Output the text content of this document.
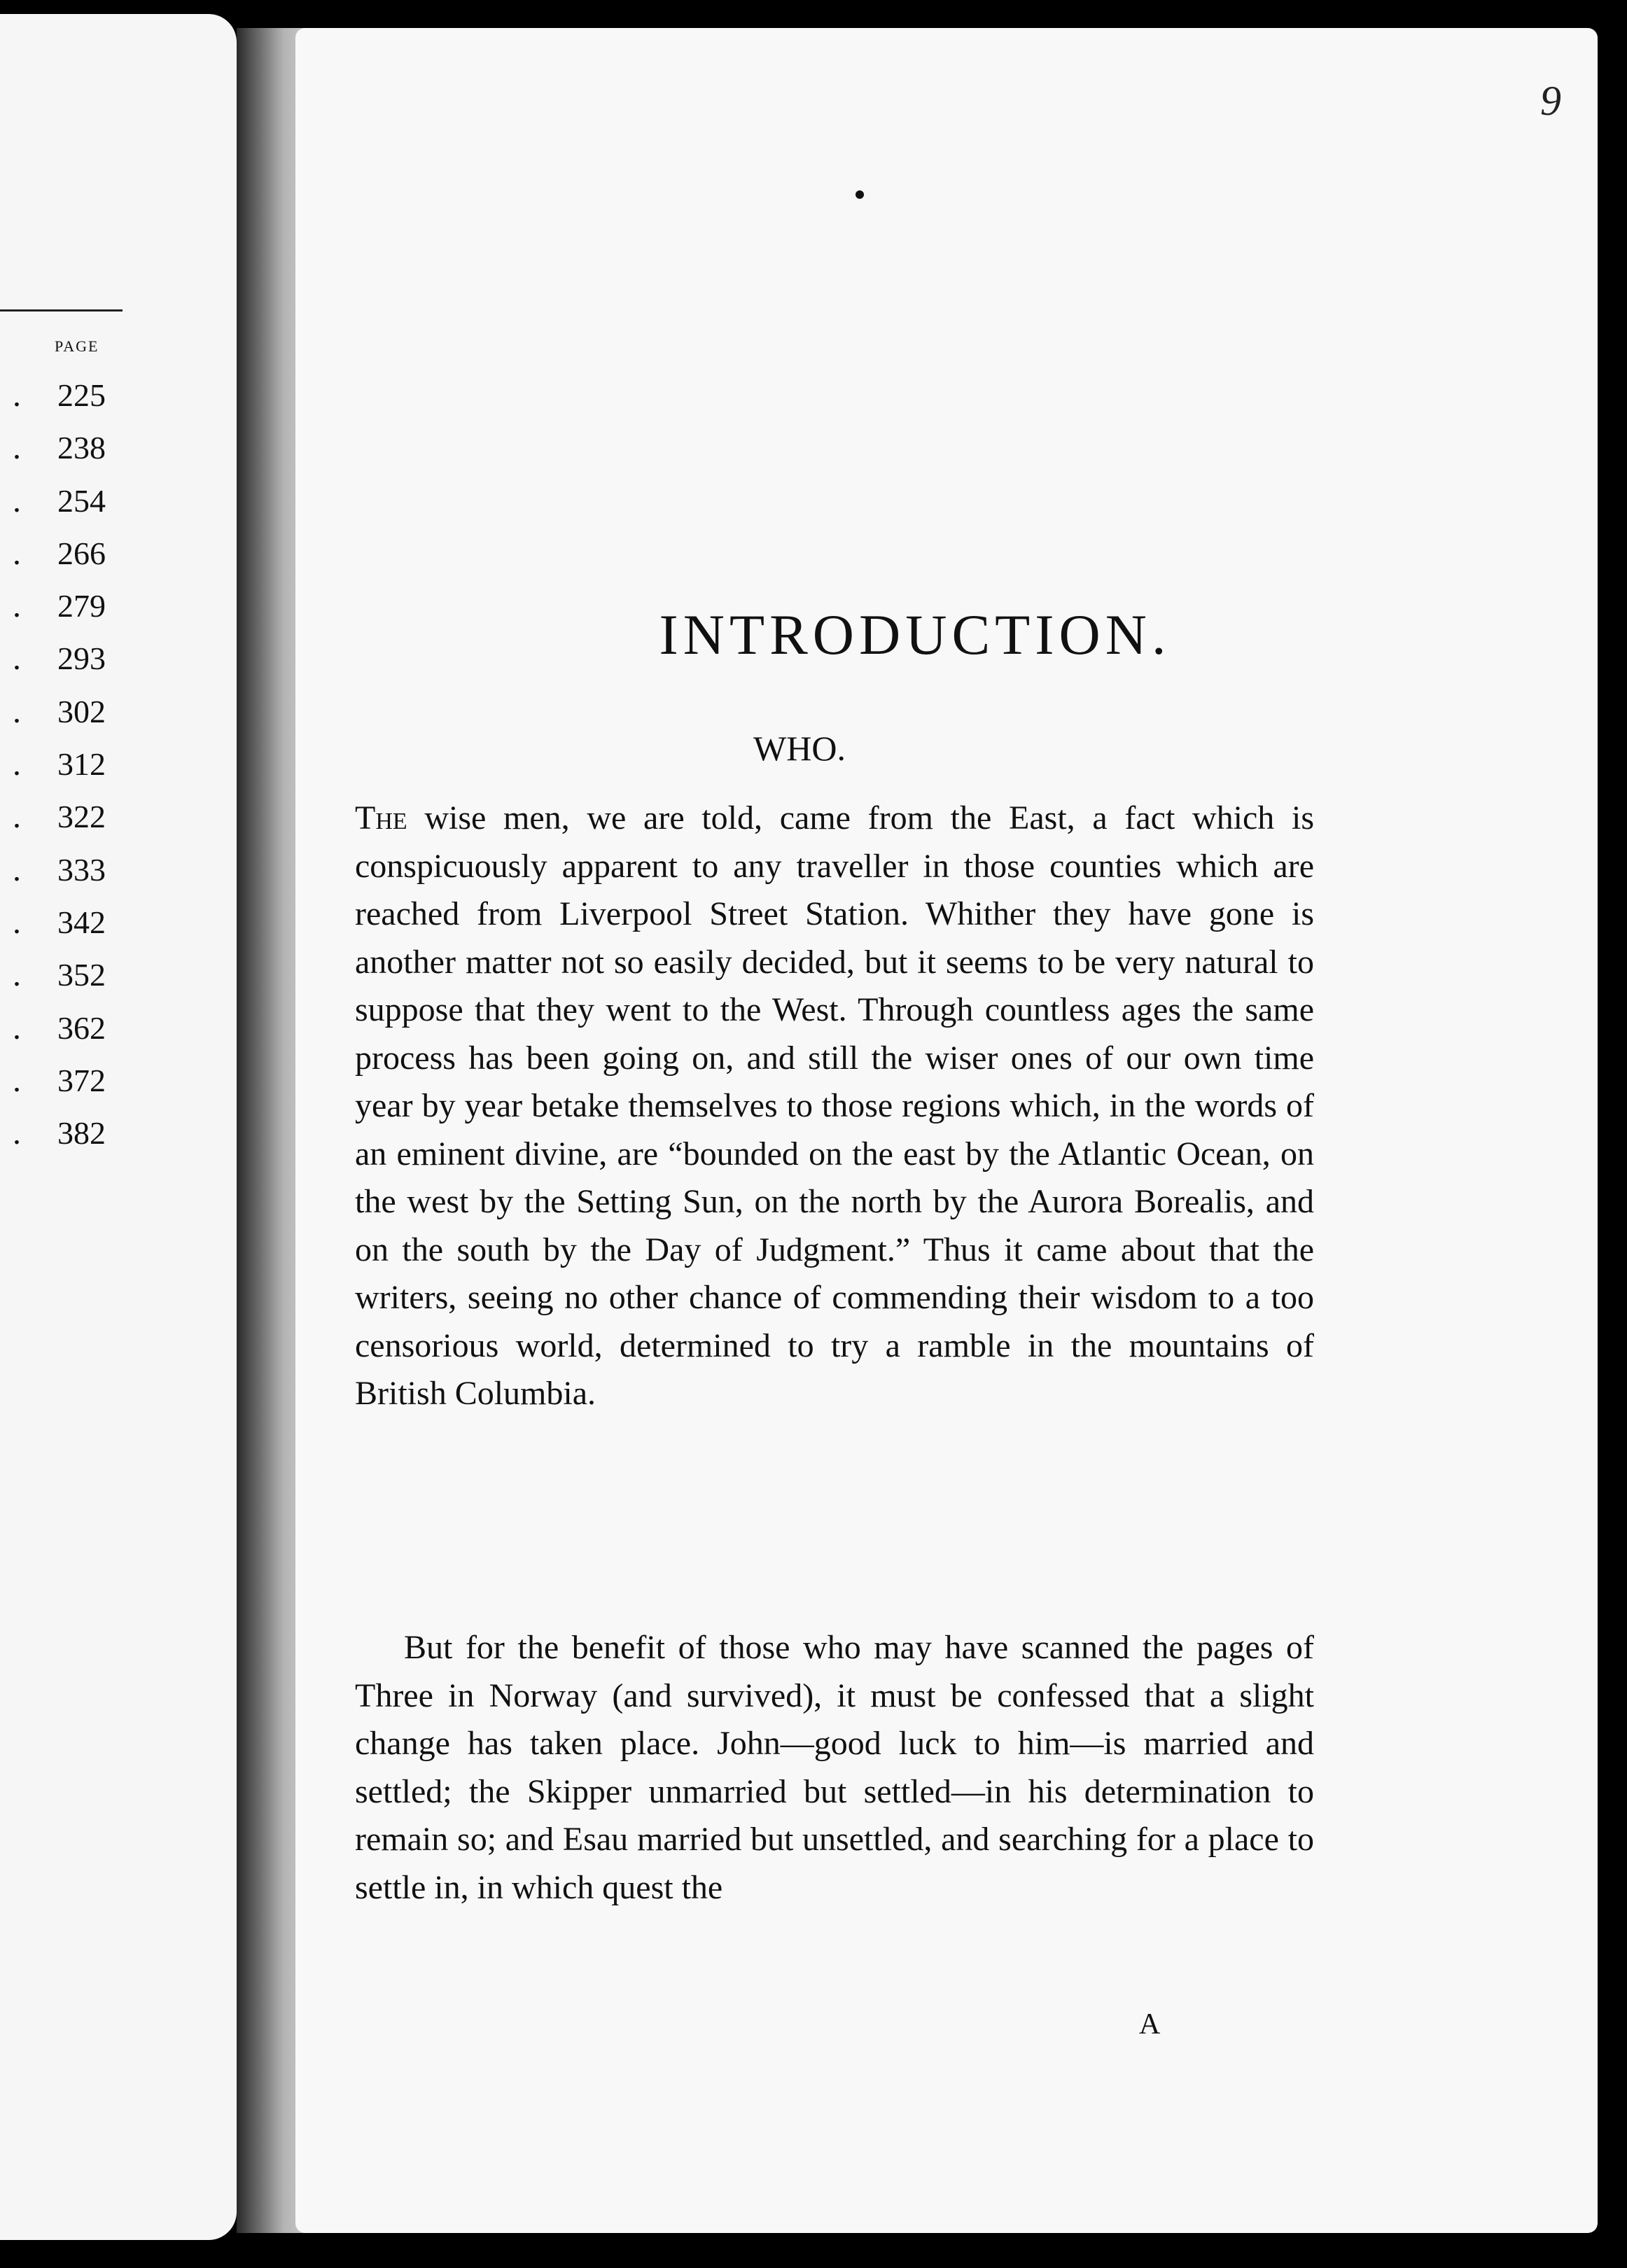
PAGE
. 225
. 238
. 254
. 266
. 279
. 293
. 302
. 312
. 322
. 333
. 342
. 352
. 362
. 372
. 382
9
INTRODUCTION.
WHO.

The wise men, we are told, came from the East, a fact which is conspicuously apparent to any traveller in those counties which are reached from Liverpool Street Station. Whither they have gone is another matter not so easily decided, but it seems to be very natural to suppose that they went to the West. Through countless ages the same process has been going on, and still the wiser ones of our own time year by year betake themselves to those regions which, in the words of an eminent divine, are “bounded on the east by the Atlantic Ocean, on the west by the Setting Sun, on the north by the Aurora Borealis, and on the south by the Day of Judgment.” Thus it came about that the writers, seeing no other chance of commending their wisdom to a too censorious world, determined to try a ramble in the mountains of British Columbia.

But for the benefit of those who may have scanned the pages of Three in Norway (and survived), it must be confessed that a slight change has taken place. John—good luck to him—is married and settled; the Skipper unmarried but settled—in his determination to remain so; and Esau married but unsettled, and searching for a place to settle in, in which quest the

A
